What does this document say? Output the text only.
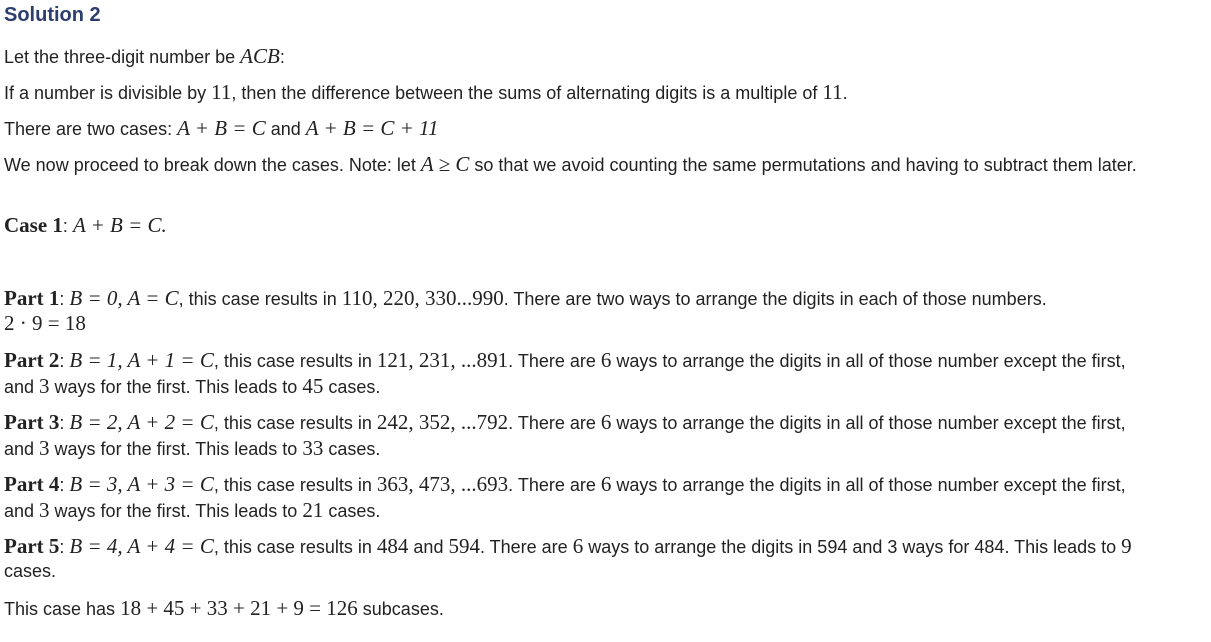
Solution 2
Let the three-digit number be ACB:
If a number is divisible by 11, then the difference between the sums of alternating digits is a multiple of 11.
There are two cases: A + B = C and A + B = C + 11
We now proceed to break down the cases. Note: let A ≥ C so that we avoid counting the same permutations and having to subtract them later.
Case 1: A + B = C.
Part 1: B = 0, A = C, this case results in 110, 220, 330...990. There are two ways to arrange the digits in each of those numbers.
2 · 9 = 18
Part 2: B = 1, A + 1 = C, this case results in 121, 231, ...891. There are 6 ways to arrange the digits in all of those number except the first,
and 3 ways for the first. This leads to 45 cases.
Part 3: B = 2, A + 2 = C, this case results in 242, 352, ...792. There are 6 ways to arrange the digits in all of those number except the first,
and 3 ways for the first. This leads to 33 cases.
Part 4: B = 3, A + 3 = C, this case results in 363, 473, ...693. There are 6 ways to arrange the digits in all of those number except the first,
and 3 ways for the first. This leads to 21 cases.
Part 5: B = 4, A + 4 = C, this case results in 484 and 594. There are 6 ways to arrange the digits in 594 and 3 ways for 484. This leads to 9
cases.
This case has 18 + 45 + 33 + 21 + 9 = 126 subcases.
